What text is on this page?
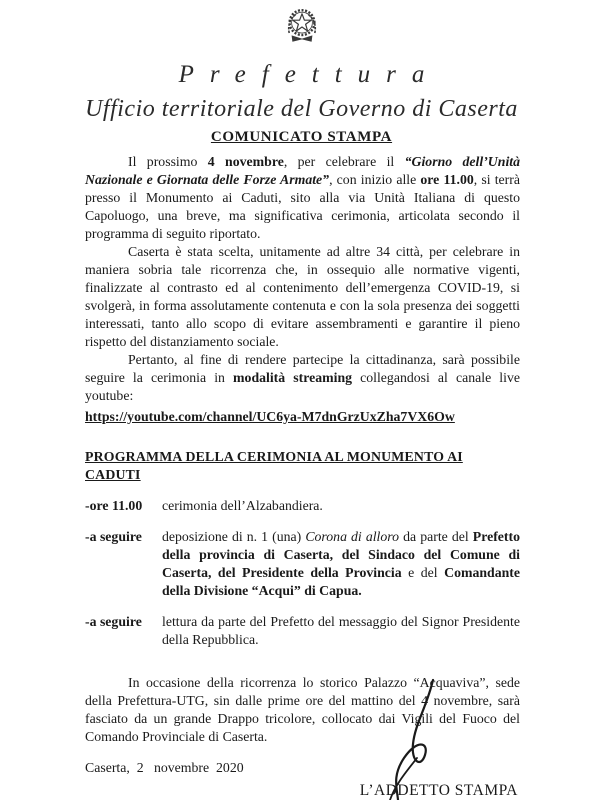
Prefettura
Ufficio territoriale del Governo di Caserta
COMUNICATO STAMPA

Il prossimo 4 novembre, per celebrare il “Giorno dell’Unità Nazionale e Giornata delle Forze Armate”, con inizio alle ore 11.00, si terrà presso il Monumento ai Caduti, sito alla via Unità Italiana di questo Capoluogo, una breve, ma significativa cerimonia, articolata secondo il programma di seguito riportato.

Caserta è stata scelta, unitamente ad altre 34 città, per celebrare in maniera sobria tale ricorrenza che, in ossequio alle normative vigenti, finalizzate al contrasto ed al contenimento dell’emergenza COVID-19, si svolgerà, in forma assolutamente contenuta e con la sola presenza dei soggetti interessati, tanto allo scopo di evitare assembramenti e garantire il pieno rispetto del distanziamento sociale.

Pertanto, al fine di rendere partecipe la cittadinanza, sarà possibile seguire la cerimonia in modalità streaming collegandosi al canale live youtube:

https://youtube.com/channel/UC6ya-M7dnGrzUxZha7VX6Ow
PROGRAMMA DELLA CERIMONIA AL MONUMENTO AI CADUTI
-ore 11.00	cerimonia dell’Alzabandiera.
-a seguire	deposizione di n. 1 (una) Corona di alloro da parte del Prefetto della provincia di Caserta, del Sindaco del Comune di Caserta, del Presidente della Provincia e del Comandante della Divisione “Acqui” di Capua.
-a seguire	lettura da parte del Prefetto del messaggio del Signor Presidente della Repubblica.

In occasione della ricorrenza lo storico Palazzo “Acquaviva”, sede della Prefettura-UTG, sin dalle prime ore del mattino del 4 novembre, sarà fasciato da un grande Drappo tricolore, collocato dai Vigili del Fuoco del Comando Provinciale di Caserta.

Caserta,  2   novembre  2020
L’ADDETTO STAMPA
